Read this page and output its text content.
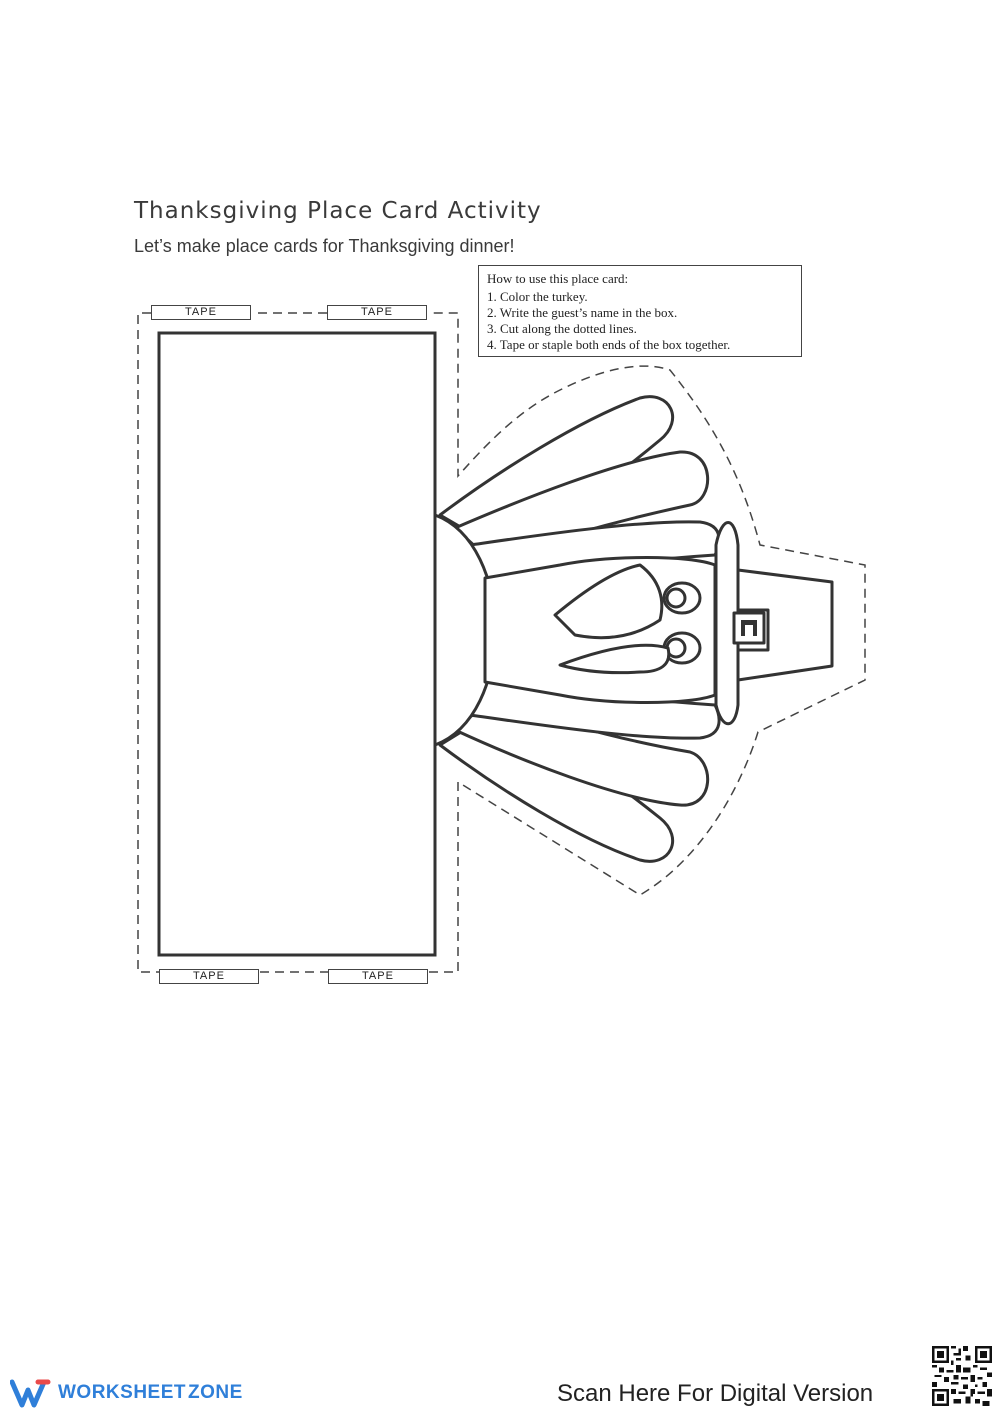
Thanksgiving Place Card Activity
Let’s make place cards for Thanksgiving dinner!
How to use this place card:
1. Color the turkey.
2. Write the guest’s name in the box.
3. Cut along the dotted lines.
4. Tape or staple both ends of the box together.
TAPE	TAPE
TAPE	TAPE
WORKSHEET ZONE	Scan Here For Digital Version
